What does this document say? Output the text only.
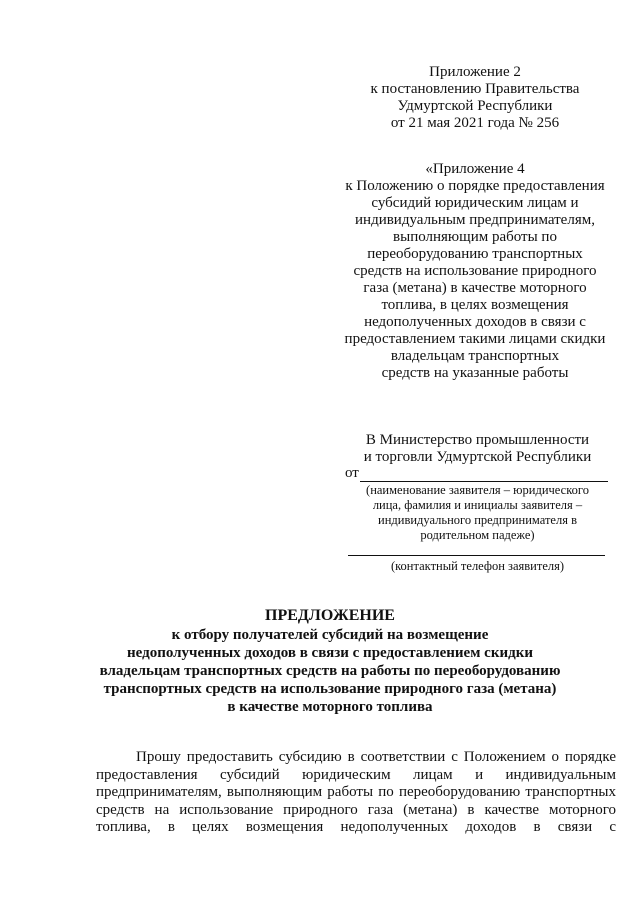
Приложение 2
к постановлению Правительства
Удмуртской Республики
от 21 мая 2021 года № 256
«Приложение 4
к Положению о порядке предоставления
субсидий юридическим лицам и
индивидуальным предпринимателям,
выполняющим работы по
переоборудованию транспортных
средств на использование природного
газа (метана) в качестве моторного
топлива, в целях возмещения
недополученных доходов в связи с
предоставлением такими лицами скидки
владельцам транспортных
средств на указанные работы
В Министерство промышленности
и торговли Удмуртской Республики
от
(наименование заявителя – юридического
лица, фамилия и инициалы заявителя –
индивидуального предпринимателя в
родительном падеже)
(контактный телефон заявителя)
ПРЕДЛОЖЕНИЕ
к отбору получателей субсидий на возмещение
недополученных доходов в связи с предоставлением скидки
владельцам транспортных средств на работы по переоборудованию
транспортных средств на использование природного газа (метана)
в качестве моторного топлива
Прошу предоставить субсидию в соответствии с Положением о порядке
предоставления субсидий юридическим лицам и индивидуальным
предпринимателям, выполняющим работы по переоборудованию транспортных
средств на использование природного газа (метана) в качестве моторного
топлива, в целях возмещения недополученных доходов в связи с
